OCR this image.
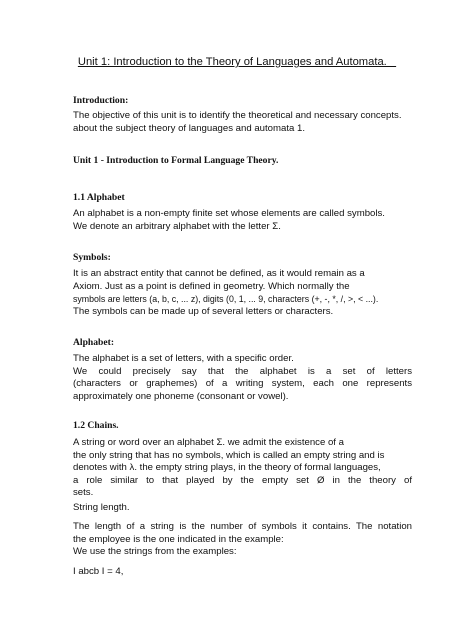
Unit 1: Introduction to the Theory of Languages and Automata.

Introduction:

The objective of this unit is to identify the theoretical and necessary concepts.
about the subject theory of languages and automata 1.

Unit 1 - Introduction to Formal Language Theory.

1.1 Alphabet

An alphabet is a non-empty finite set whose elements are called symbols.
We denote an arbitrary alphabet with the letter Σ.

Symbols:

It is an abstract entity that cannot be defined, as it would remain as a
Axiom. Just as a point is defined in geometry. Which normally the
symbols are letters (a, b, c, ... z), digits (0, 1, ... 9, characters (+, -, *, /, >, < ...).
The symbols can be made up of several letters or characters.

Alphabet:

The alphabet is a set of letters, with a specific order.
We could precisely say that the alphabet is a set of letters
(characters or graphemes) of a writing system, each one represents
approximately one phoneme (consonant or vowel).

1.2 Chains.

A string or word over an alphabet Σ. we admit the existence of a
the only string that has no symbols, which is called an empty string and is
denotes with λ. the empty string plays, in the theory of formal languages,
a role similar to that played by the empty set Ø in the theory of
sets.

String length.

The length of a string is the number of symbols it contains. The notation
the employee is the one indicated in the example:

We use the strings from the examples:

I abcb I = 4,
